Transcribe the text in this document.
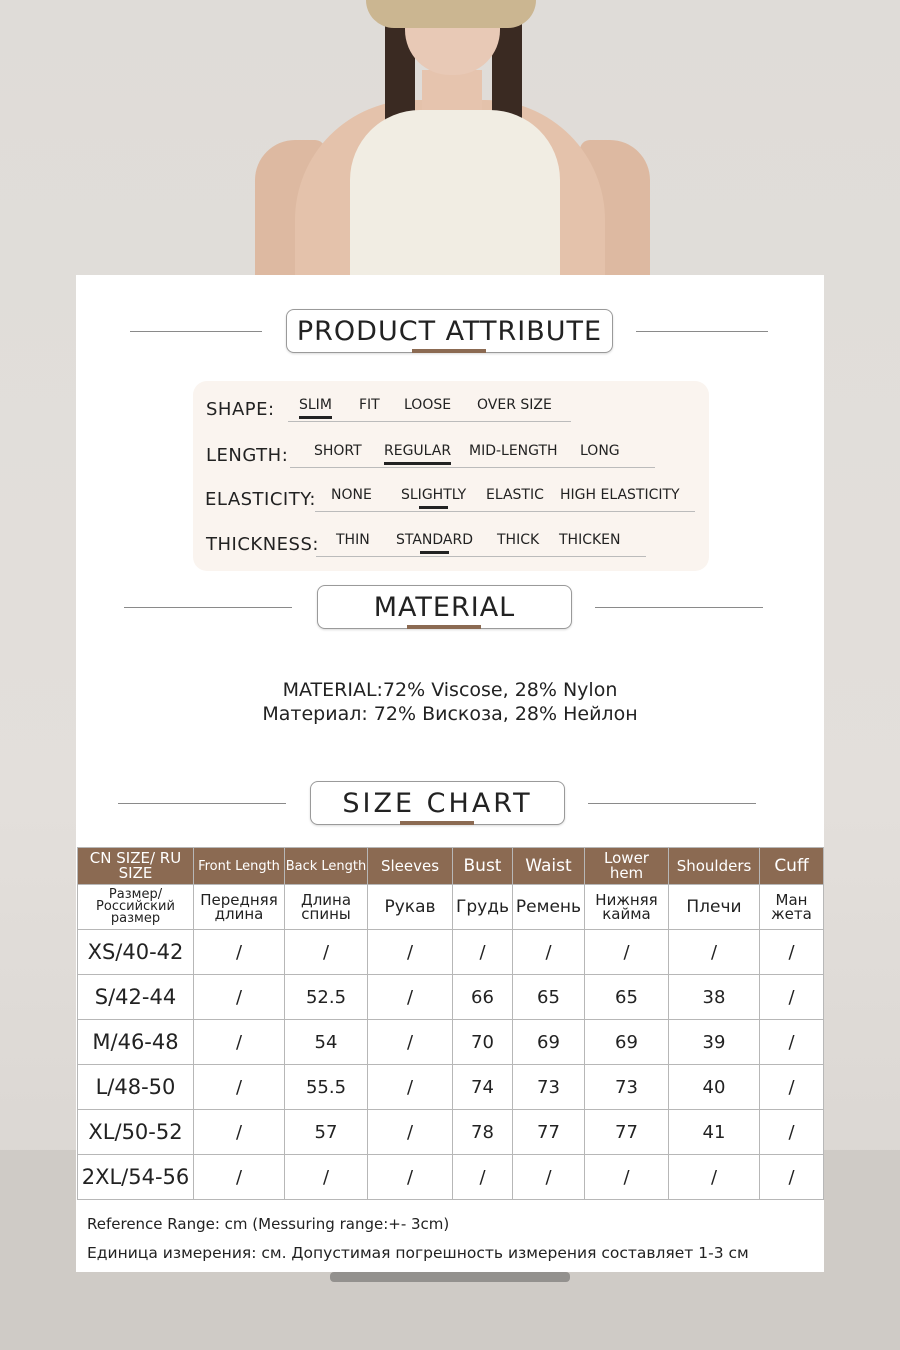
PRODUCT ATTRIBUTE
SHAPE: SLIM FIT LOOSE OVER SIZE
LENGTH: SHORT REGULAR MID-LENGTH LONG
ELASTICITY: NONE SLIGHTLY ELASTIC HIGH ELASTICITY
THICKNESS: THIN STANDARD THICK THICKEN
MATERIAL
MATERIAL:72% Viscose, 28% Nylon
Материал: 72% Вискоза, 28% Нейлон
SIZE CHART
CN SIZE/ RU SIZE	Front Length	Back Length	Sleeves	Bust	Waist	Lower hem	Shoulders	Cuff
Размер/ Российский размер	Передняя длина	Длина спины	Рукав	Грудь	Ремень	Нижняя кайма	Плечи	Ман жета
XS/40-42	/	/	/	/	/	/	/	/
S/42-44	/	52.5	/	66	65	65	38	/
M/46-48	/	54	/	70	69	69	39	/
L/48-50	/	55.5	/	74	73	73	40	/
XL/50-52	/	57	/	78	77	77	41	/
2XL/54-56	/	/	/	/	/	/	/	/
Reference Range: cm (Messuring range:+- 3cm)
Единица измерения: см. Допустимая погрешность измерения составляет 1-3 см
